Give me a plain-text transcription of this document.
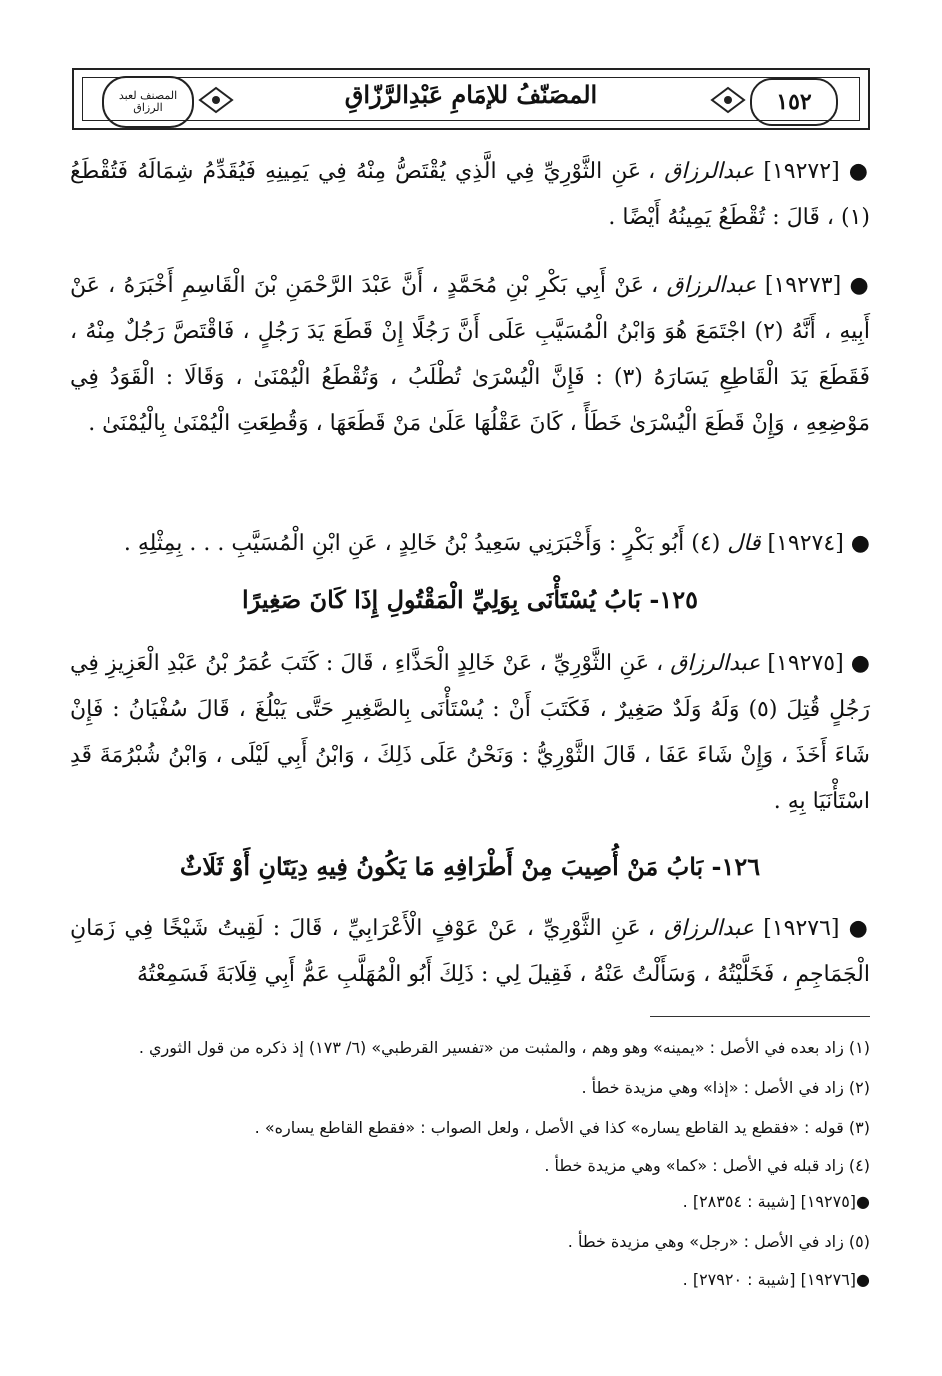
١٥٢
المصَنّفُ للإمَامِ عَبْدِالرَّزّاقِ
المصنف لعبد الرزاق
● [١٩٢٧٢] عبدالرزاق ، عَنِ الثَّوْرِيِّ فِي الَّذِي يُقْتَصُّ مِنْهُ فِي يَمِينِهِ فَيُقَدِّمُ شِمَالَهُ فَتُقْطَعُ (١) ، قَالَ : تُقْطَعُ يَمِينُهُ أَيْضًا .
● [١٩٢٧٣] عبدالرزاق ، عَنْ أَبِي بَكْرِ بْنِ مُحَمَّدٍ ، أَنَّ عَبْدَ الرَّحْمَنِ بْنَ الْقَاسِمِ أَخْبَرَهُ ، عَنْ أَبِيهِ ، أَنَّهُ (٢) اجْتَمَعَ هُوَ وَابْنُ الْمُسَيَّبِ عَلَى أَنَّ رَجُلًا إِنْ قَطَعَ يَدَ رَجُلٍ ، فَاقْتَصَّ رَجُلٌ مِنْهُ ، فَقَطَعَ يَدَ الْقَاطِعِ يَسَارَهُ (٣) : فَإِنَّ الْيُسْرَىٰ تُطْلَبُ ، وَتُقْطَعُ الْيُمْنَىٰ ، وَقَالَا : الْقَوَدُ فِي مَوْضِعِهِ ، وَإِنْ قَطَعَ الْيُسْرَىٰ خَطَأً ، كَانَ عَقْلُهَا عَلَىٰ مَنْ قَطَعَهَا ، وَقُطِعَتِ الْيُمْنَىٰ بِالْيُمْنَىٰ .
● [١٩٢٧٤] قال (٤) أَبُو بَكْرٍ : وَأَخْبَرَنِي سَعِيدُ بْنُ خَالِدٍ ، عَنِ ابْنِ الْمُسَيَّبِ . . . بِمِثْلِهِ .
١٢٥- بَابُ يُسْتَأْنَى بِوَلِيِّ الْمَقْتُولِ إِذَا كَانَ صَغِيرًا
● [١٩٢٧٥] عبدالرزاق ، عَنِ الثَّوْرِيِّ ، عَنْ خَالِدٍ الْحَذَّاءِ ، قَالَ : كَتَبَ عُمَرُ بْنُ عَبْدِ الْعَزِيزِ فِي رَجُلٍ قُتِلَ (٥) وَلَهُ وَلَدٌ صَغِيرٌ ، فَكَتَبَ أَنْ : يُسْتَأْنَى بِالصَّغِيرِ حَتَّى يَبْلُغَ ، قَالَ سُفْيَانُ : فَإِنْ شَاءَ أَخَذَ ، وَإِنْ شَاءَ عَفَا ، قَالَ الثَّوْرِيُّ : وَنَحْنُ عَلَى ذَلِكَ ، وَابْنُ أَبِي لَيْلَى ، وَابْنُ شُبْرُمَةَ قَدِ اسْتَأْنَيَا بِهِ .
١٢٦- بَابُ مَنْ أُصِيبَ مِنْ أَطْرَافِهِ مَا يَكُونُ فِيهِ دِيَتَانِ أَوْ ثَلَاثٌ
● [١٩٢٧٦] عبدالرزاق ، عَنِ الثَّوْرِيِّ ، عَنْ عَوْفٍ الْأَعْرَابِيِّ ، قَالَ : لَقِيتُ شَيْخًا فِي زَمَانِ الْجَمَاجِمِ ، فَخَلَّيْتُهُ ، وَسَأَلْتُ عَنْهُ ، فَقِيلَ لِي : ذَلِكَ أَبُو الْمُهَلَّبِ عَمُّ أَبِي قِلَابَةَ فَسَمِعْتُهُ
(١) زاد بعده في الأصل : «يمينه» وهو وهم ، والمثبت من «تفسير القرطبي» (٦/ ١٧٣) إذ ذكره من قول الثوري .
(٢) زاد في الأصل : «إذا» وهي مزيدة خطأ .
(٣) قوله : «فقطع يد القاطع يساره» كذا في الأصل ، ولعل الصواب : «فقطع القاطع يساره» .
(٤) زاد قبله في الأصل : «كما» وهي مزيدة خطأ .
●[١٩٢٧٥] [شيبة : ٢٨٣٥٤] .
(٥) زاد في الأصل : «رجل» وهي مزيدة خطأ .
●[١٩٢٧٦] [شيبة : ٢٧٩٢٠] .
